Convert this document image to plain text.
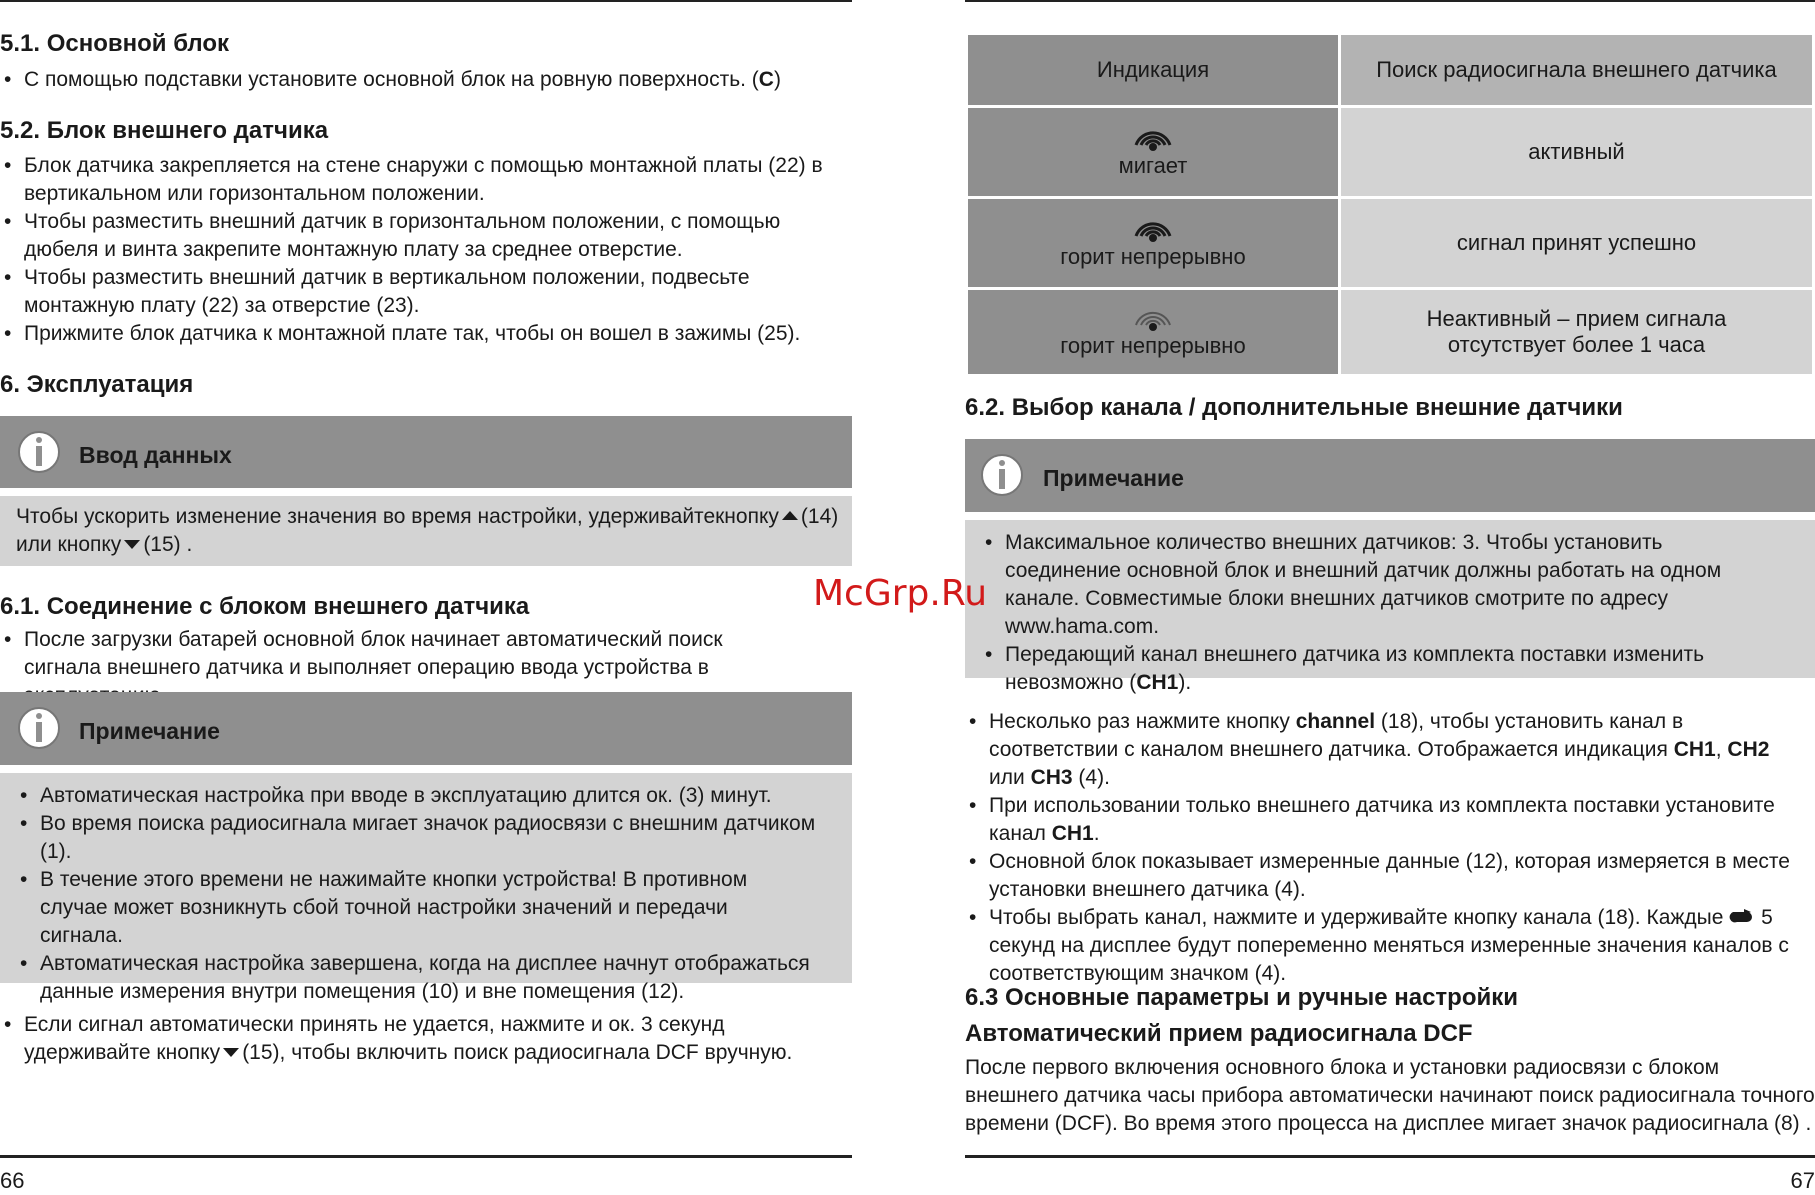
5.1. Основной блок
• С помощью подставки установите основной блок на ровную поверхность. (C)
5.2. Блок внешнего датчика
• Блок датчика закрепляется на стене снаружи с помощью монтажной платы (22) в вертикальном или горизонтальном положении.
• Чтобы разместить внешний датчик в горизонтальном положении, с помощью дюбеля и винта закрепите монтажную плату за среднее отверстие.
• Чтобы разместить внешний датчик в вертикальном положении, подвесьте монтажную плату (22) за отверстие (23).
• Прижмите блок датчика к монтажной плате так, чтобы он вошел в зажимы (25).
6. Эксплуатация
Ввод данных

Чтобы ускорить изменение значения во время настройки, удерживайтекнопку (14)
или кнопку (15) .

6.1. Соединение с блоком внешнего датчика
• После загрузки батарей основной блок начинает автоматический поиск сигнала внешнего датчика и выполняет операцию ввода устройства в
Примечание
• Автоматическая настройка при вводе в эксплуатацию длится ок. (3) минут.
• Во время поиска радиосигнала мигает значок радиосвязи с внешним датчиком (1).
• В течение этого времени не нажимайте кнопки устройства! В противном случае может возникнуть сбой точной настройки значений и передачи сигнала.
• Автоматическая настройка завершена, когда на дисплее начнут отображаться данные измерения внутри помещения (10) и вне помещения (12).
• Если сигнал автоматически принять не удается, нажмите и ок. 3 секунд удерживайте кнопку (15), чтобы включить поиск радиосигнала DCF вручную.
66
Индикация	Поиск радиосигнала внешнего датчика

мигает	активный

горит непрерывно	сигнал принят успешно

горит непрерывно	Неактивный – прием сигнала отсутствует более 1 часа
6.2. Выбор канала / дополнительные внешние датчики
Примечание
• Максимальное количество внешних датчиков: 3. Чтобы установить соединение основной блок и внешний датчик должны работать на одном канале. Совместимые блоки внешних датчиков смотрите по адресу www.hama.com.
• Передающий канал внешнего датчика из комплекта поставки изменить невозможно (CH1).
• Несколько раз нажмите кнопку channel (18), чтобы установить канал в соответствии с каналом внешнего датчика. Отображается индикация CH1, CH2 или CH3 (4).
• При использовании только внешнего датчика из комплекта поставки установите канал CH1.
• Основной блок показывает измеренные данные (12), которая измеряется в месте установки внешнего датчика (4).
• Чтобы выбрать канал, нажмите и удерживайте кнопку канала (18). Каждые 5 секунд на дисплее будут попеременно меняться измеренные значения каналов с соответствующим значком (4).
6.3 Основные параметры и ручные настройки
Автоматический прием радиосигнала DCF

После первого включения основного блока и установки радиосвязи с блоком внешнего датчика часы прибора автоматически начинают поиск радиосигнала точного времени (DCF). Во время этого процесса на дисплее мигает значок радиосигнала (8) .

67
McGrp.Ru
